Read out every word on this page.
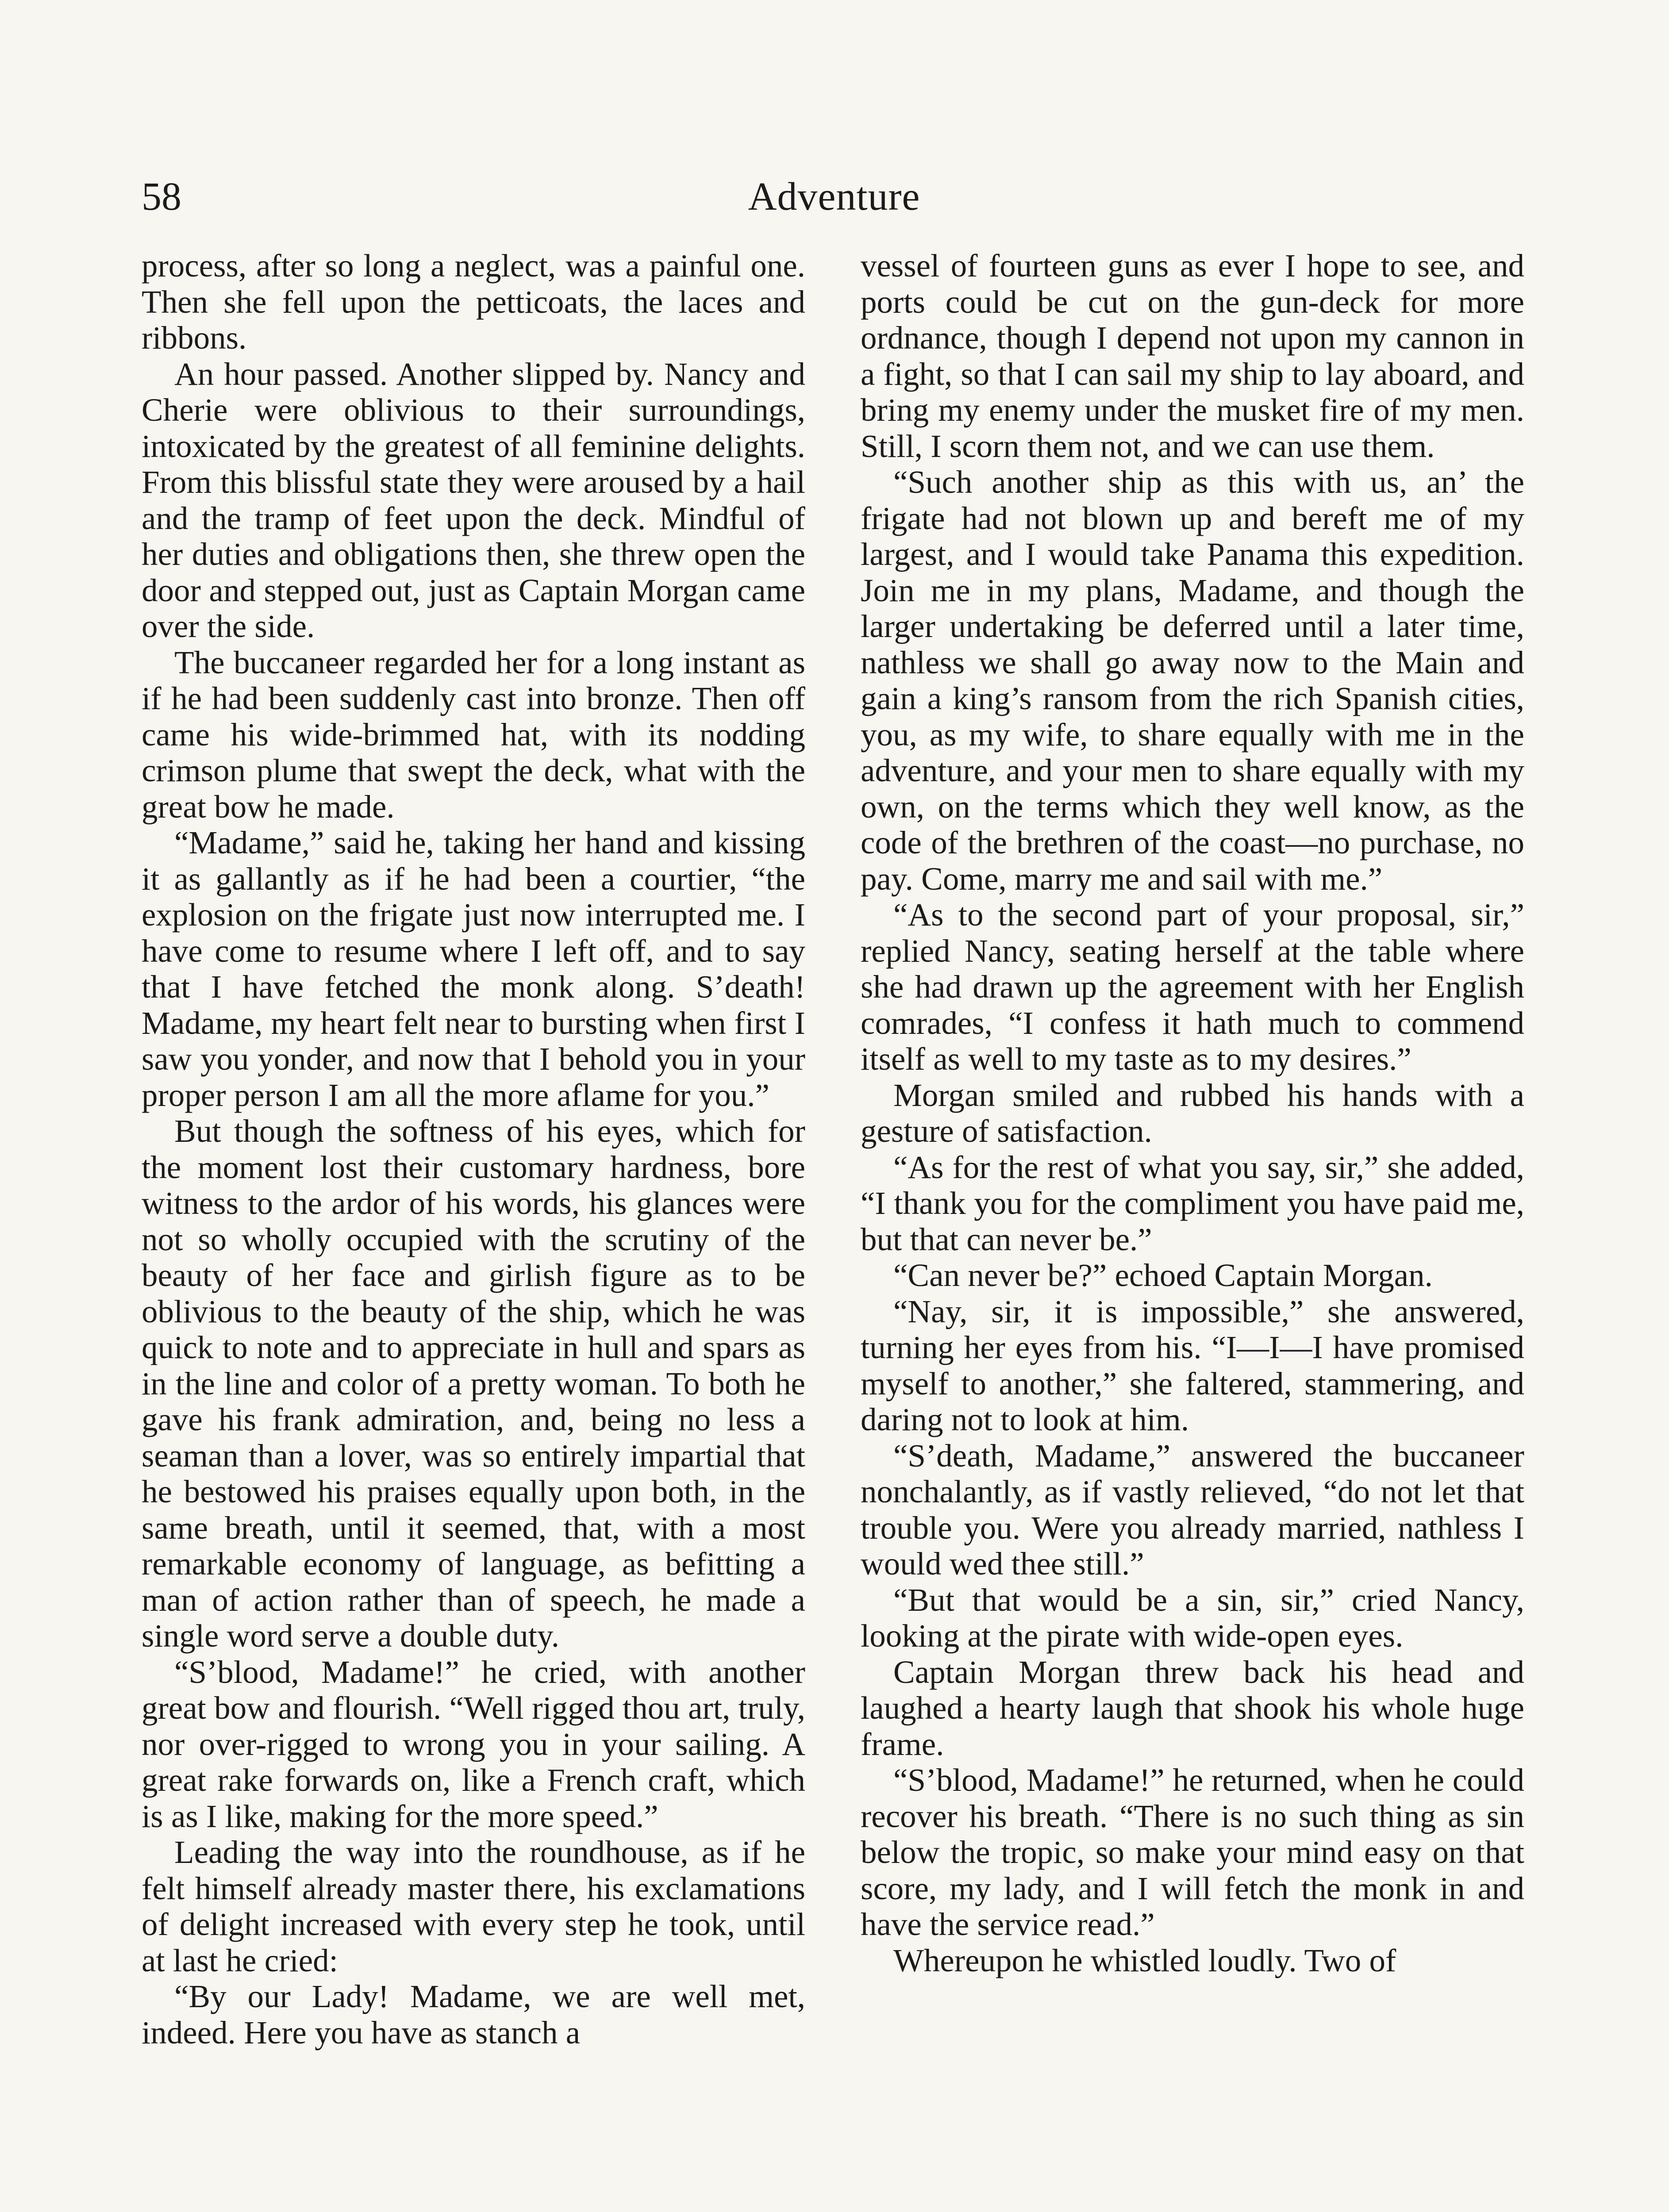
58	Adventure

process, after so long a neglect, was a painful one. Then she fell upon the petticoats, the laces and ribbons.

An hour passed. Another slipped by. Nancy and Cherie were oblivious to their surroundings, intoxicated by the greatest of all feminine delights. From this blissful state they were aroused by a hail and the tramp of feet upon the deck. Mindful of her duties and obligations then, she threw open the door and stepped out, just as Captain Morgan came over the side.

The buccaneer regarded her for a long instant as if he had been suddenly cast into bronze. Then off came his wide-brimmed hat, with its nodding crimson plume that swept the deck, what with the great bow he made.

“Madame,” said he, taking her hand and kissing it as gallantly as if he had been a courtier, “the explosion on the frigate just now interrupted me. I have come to resume where I left off, and to say that I have fetched the monk along. S’death! Madame, my heart felt near to bursting when first I saw you yonder, and now that I behold you in your proper person I am all the more aflame for you.”

But though the softness of his eyes, which for the moment lost their customary hardness, bore witness to the ardor of his words, his glances were not so wholly occupied with the scrutiny of the beauty of her face and girlish figure as to be oblivious to the beauty of the ship, which he was quick to note and to appreciate in hull and spars as in the line and color of a pretty woman. To both he gave his frank admiration, and, being no less a seaman than a lover, was so entirely impartial that he bestowed his praises equally upon both, in the same breath, until it seemed, that, with a most remarkable economy of language, as befitting a man of action rather than of speech, he made a single word serve a double duty.

“S’blood, Madame!” he cried, with another great bow and flourish. “Well rigged thou art, truly, nor over-rigged to wrong you in your sailing. A great rake forwards on, like a French craft, which is as I like, making for the more speed.”

Leading the way into the roundhouse, as if he felt himself already master there, his exclamations of delight increased with every step he took, until at last he cried:

“By our Lady! Madame, we are well met, indeed. Here you have as stanch a

vessel of fourteen guns as ever I hope to see, and ports could be cut on the gun-deck for more ordnance, though I depend not upon my cannon in a fight, so that I can sail my ship to lay aboard, and bring my enemy under the musket fire of my men. Still, I scorn them not, and we can use them.

“Such another ship as this with us, an’ the frigate had not blown up and bereft me of my largest, and I would take Panama this expedition. Join me in my plans, Madame, and though the larger undertaking be deferred until a later time, nathless we shall go away now to the Main and gain a king’s ransom from the rich Spanish cities, you, as my wife, to share equally with me in the adventure, and your men to share equally with my own, on the terms which they well know, as the code of the brethren of the coast—no purchase, no pay. Come, marry me and sail with me.”

“As to the second part of your proposal, sir,” replied Nancy, seating herself at the table where she had drawn up the agreement with her English comrades, “I confess it hath much to commend itself as well to my taste as to my desires.”

Morgan smiled and rubbed his hands with a gesture of satisfaction.

“As for the rest of what you say, sir,” she added, “I thank you for the compliment you have paid me, but that can never be.”

“Can never be?” echoed Captain Morgan.

“Nay, sir, it is impossible,” she answered, turning her eyes from his. “I—I—I have promised myself to another,” she faltered, stammering, and daring not to look at him.

“S’death, Madame,” answered the buccaneer nonchalantly, as if vastly relieved, “do not let that trouble you. Were you already married, nathless I would wed thee still.”

“But that would be a sin, sir,” cried Nancy, looking at the pirate with wide-open eyes.

Captain Morgan threw back his head and laughed a hearty laugh that shook his whole huge frame.

“S’blood, Madame!” he returned, when he could recover his breath. “There is no such thing as sin below the tropic, so make your mind easy on that score, my lady, and I will fetch the monk in and have the service read.”

Whereupon he whistled loudly. Two of
